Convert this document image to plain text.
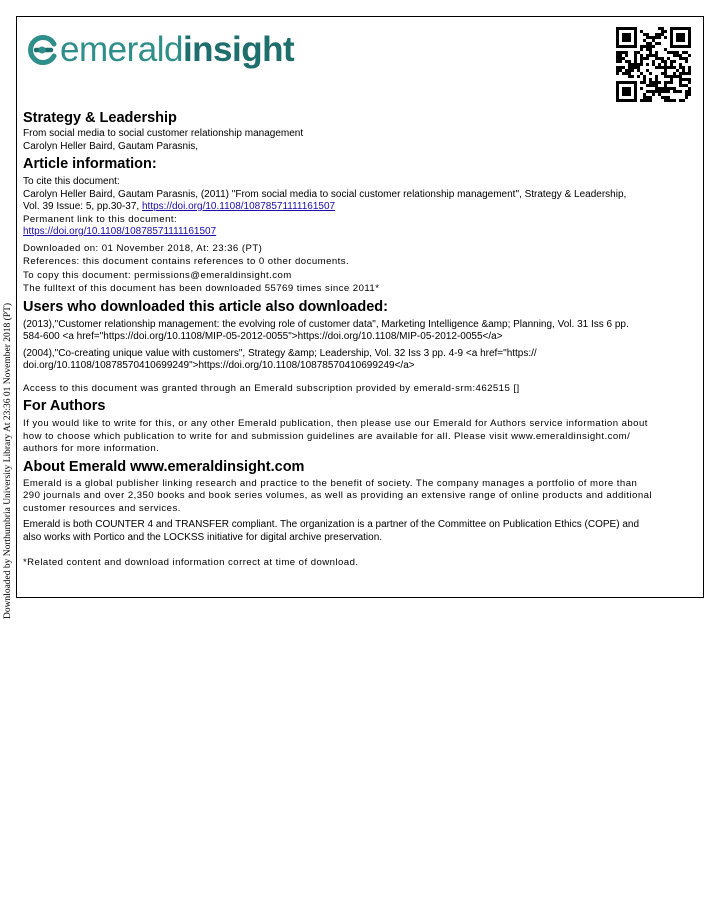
Downloaded by Northumbria University Library At 23:36 01 November 2018 (PT)
emeraldinsight
Strategy & Leadership
From social media to social customer relationship management
Carolyn Heller Baird, Gautam Parasnis,
Article information:
To cite this document:
Carolyn Heller Baird, Gautam Parasnis, (2011) "From social media to social customer relationship management", Strategy & Leadership,
Vol. 39 Issue: 5, pp.30-37, https://doi.org/10.1108/10878571111161507
Permanent link to this document:
https://doi.org/10.1108/10878571111161507
Downloaded on: 01 November 2018, At: 23:36 (PT)
References: this document contains references to 0 other documents.
To copy this document: permissions@emeraldinsight.com
The fulltext of this document has been downloaded 55769 times since 2011*
Users who downloaded this article also downloaded:
(2013),"Customer relationship management: the evolving role of customer data", Marketing Intelligence &amp; Planning, Vol. 31 Iss 6 pp.
584-600 <a href="https://doi.org/10.1108/MIP-05-2012-0055">https://doi.org/10.1108/MIP-05-2012-0055</a>
(2004),"Co-creating unique value with customers", Strategy &amp; Leadership, Vol. 32 Iss 3 pp. 4-9 <a href="https://
doi.org/10.1108/10878570410699249">https://doi.org/10.1108/10878570410699249</a>
Access to this document was granted through an Emerald subscription provided by emerald-srm:462515 []
For Authors
If you would like to write for this, or any other Emerald publication, then please use our Emerald for Authors service information about
how to choose which publication to write for and submission guidelines are available for all. Please visit www.emeraldinsight.com/
authors for more information.
About Emerald www.emeraldinsight.com
Emerald is a global publisher linking research and practice to the benefit of society. The company manages a portfolio of more than
290 journals and over 2,350 books and book series volumes, as well as providing an extensive range of online products and additional
customer resources and services.
Emerald is both COUNTER 4 and TRANSFER compliant. The organization is a partner of the Committee on Publication Ethics (COPE) and
also works with Portico and the LOCKSS initiative for digital archive preservation.
*Related content and download information correct at time of download.
